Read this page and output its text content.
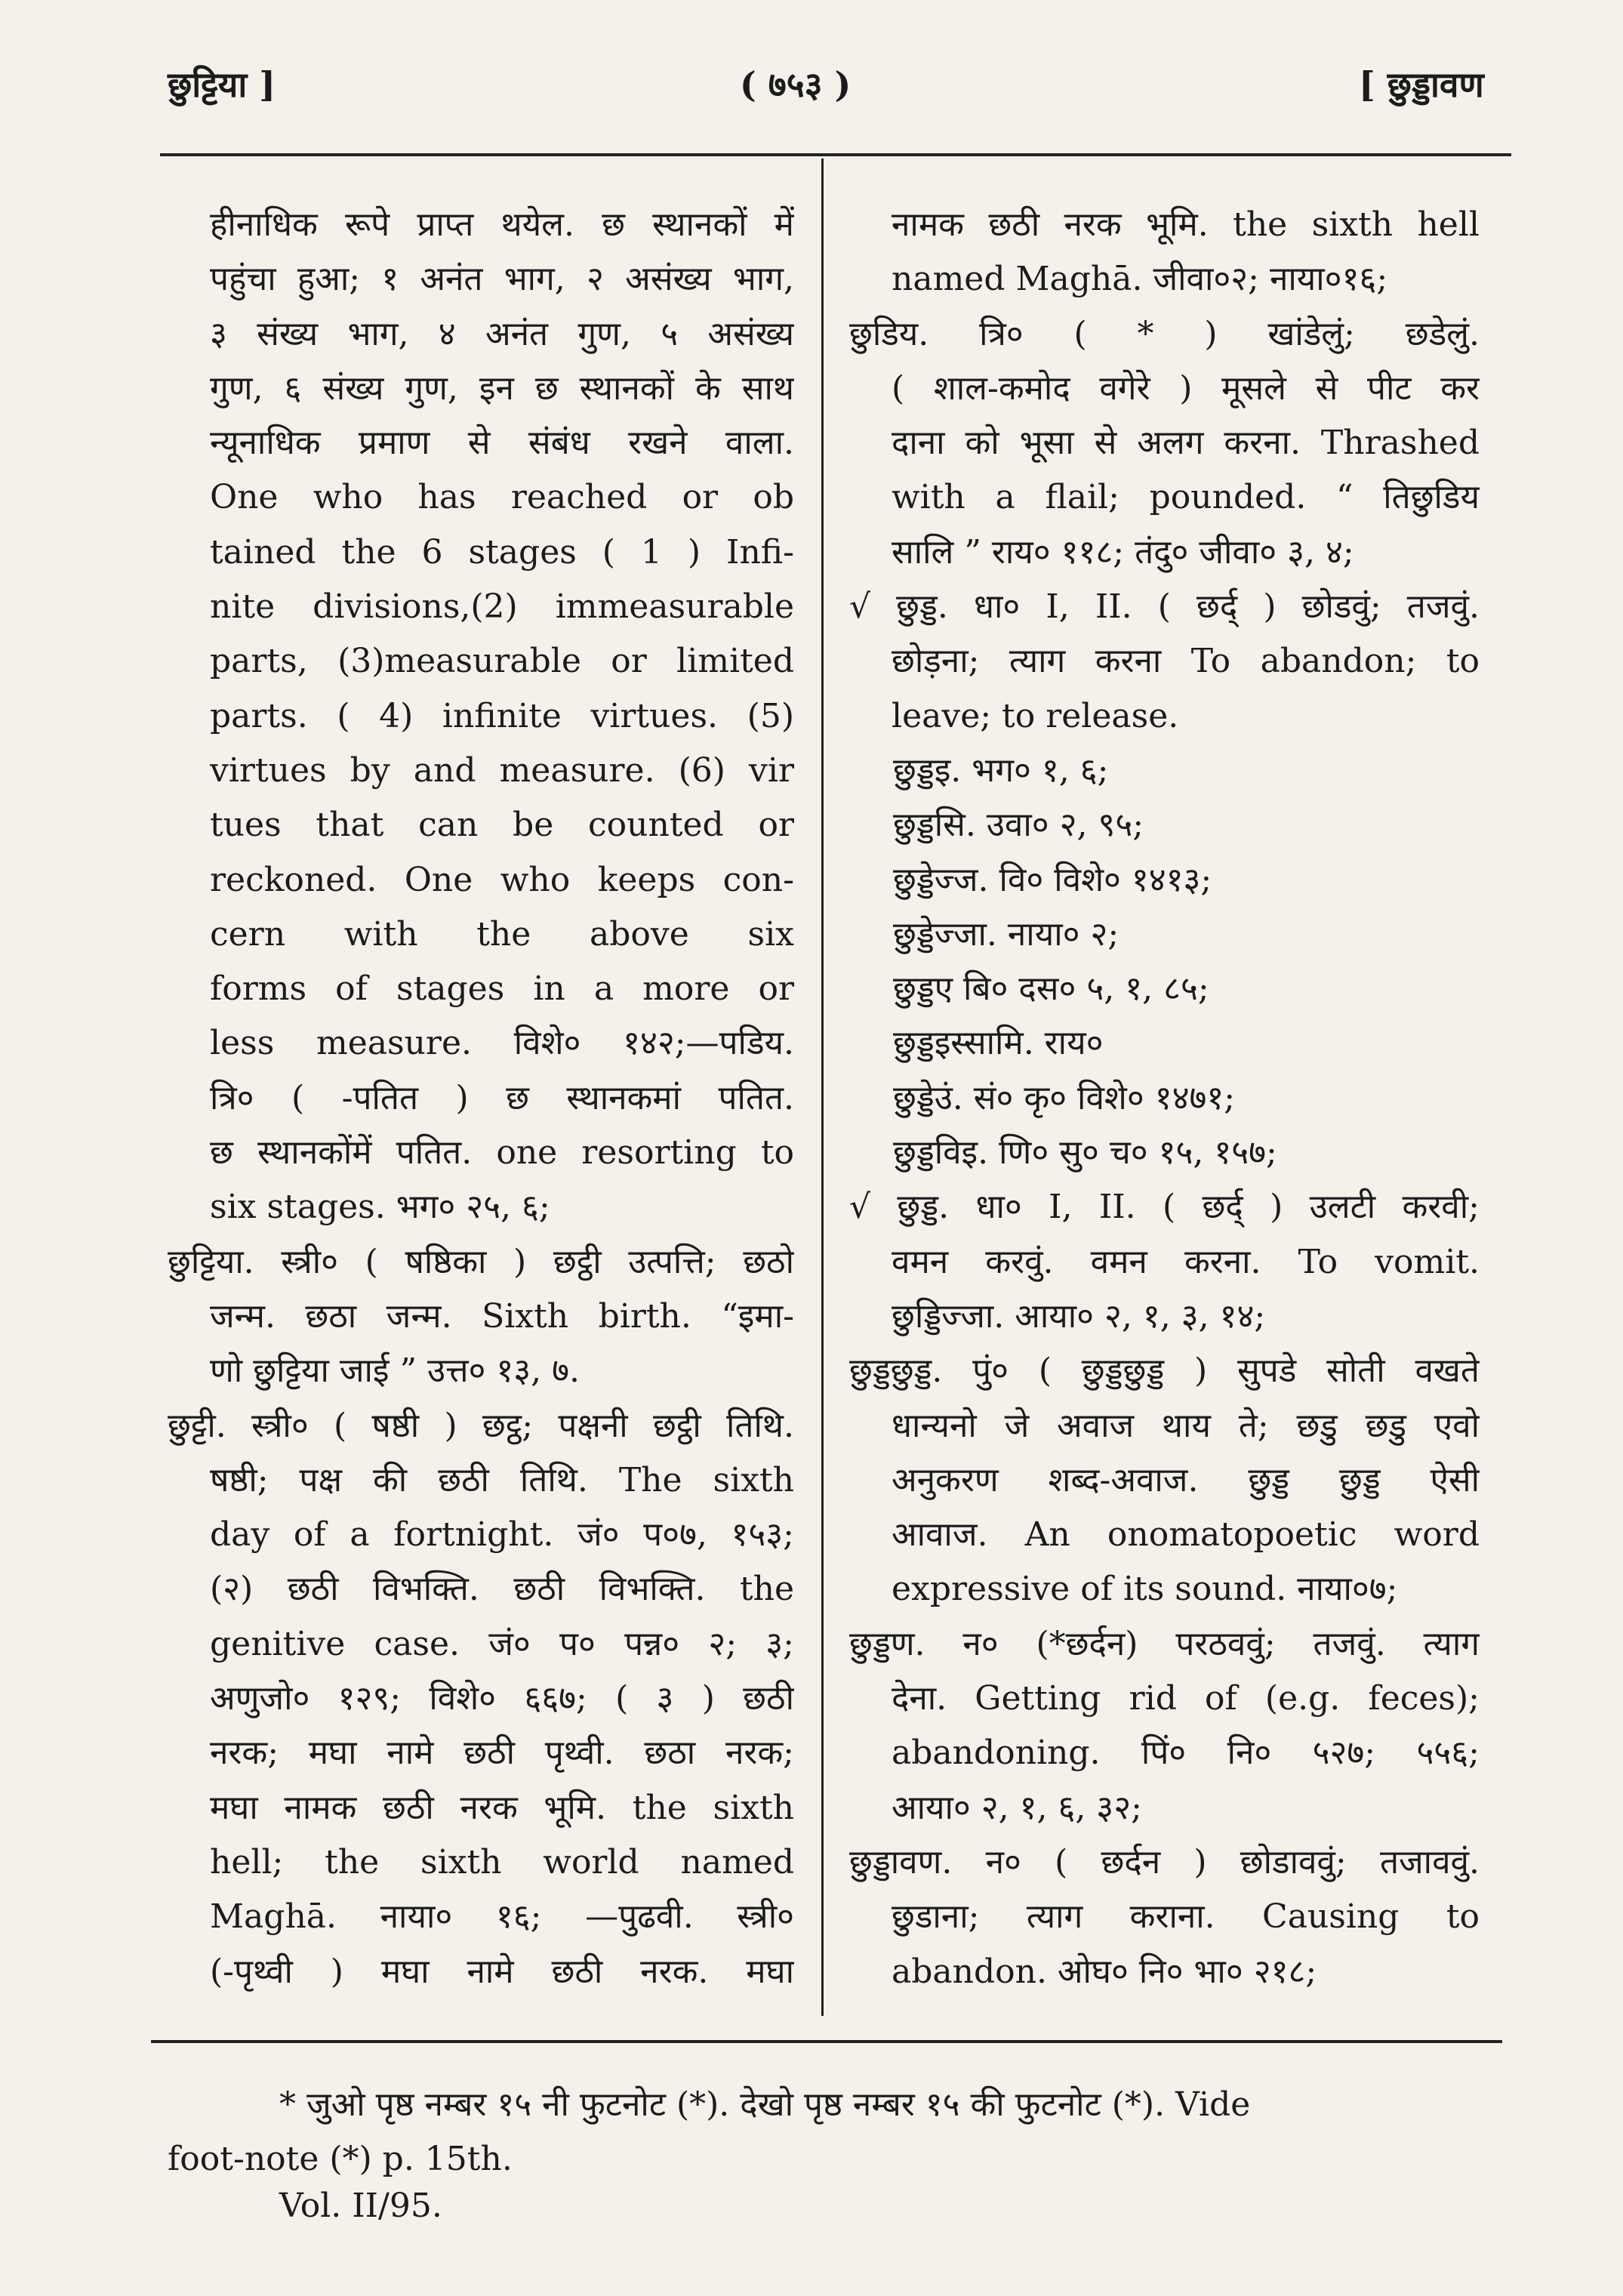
छुट्टिया ]	( ७५३ )	[ छुड्डावण
हीनाधिक रूपे प्राप्त थयेल. छ स्थानकों में
पहुंचा हुआ; १ अनंत भाग, २ असंख्य भाग,
३ संख्य भाग, ४ अनंत गुण, ५ असंख्य
गुण, ६ संख्य गुण, इन छ स्थानकों के साथ
न्यूनाधिक प्रमाण से संबंध रखने वाला.
One who has reached or ob
tained the 6 stages ( 1 ) Infi-
nite divisions,(2) immeasurable
parts, (3)measurable or limited
parts. ( 4) infinite virtues. (5)
virtues by and measure. (6) vir
tues that can be counted or
reckoned. One who keeps con-
cern with the above six
forms of stages in a more or
less measure. विशे० १४२;—पडिय.
त्रि० ( -पतित ) छ स्थानकमां पतित.
छ स्थानकोंमें पतित. one resorting to
six stages. भग० २५, ६;
छुट्टिया. स्त्री० ( षष्ठिका ) छट्ठी उत्पत्ति; छठो
जन्म. छठा जन्म. Sixth birth. “इमा-
णो छुट्टिया जाई ” उत्त० १३, ७.
छुट्टी. स्त्री० ( षष्ठी ) छट्ठ; पक्षनी छट्ठी तिथि.
षष्ठी; पक्ष की छठी तिथि. The sixth
day of a fortnight. जं० प०७, १५३;
(२) छठी विभक्ति. छठी विभक्ति. the
genitive case. जं० प० पन्न० २; ३;
अणुजो० १२९; विशे० ६६७; ( ३ ) छठी
नरक; मघा नामे छठी पृथ्वी. छठा नरक;
मघा नामक छठी नरक भूमि. the sixth
hell; the sixth world named
Maghā. नाया० १६; —पुढवी. स्त्री०
(-पृथ्वी ) मघा नामे छठी नरक. मघा
नामक छठी नरक भूमि. the sixth hell
named Maghā. जीवा०२; नाया०१६;
छुडिय. त्रि० ( * ) खांडेलुं; छडेलुं.
( शाल-कमोद वगेरे ) मूसले से पीट कर
दाना को भूसा से अलग करना. Thrashed
with a flail; pounded. “ तिछुडिय
सालि ” राय० ११८; तंदु० जीवा० ३, ४;
√ छुड्ड. धा० I, II. ( छर्द् ) छोडवुं; तजवुं.
छोड़ना; त्याग करना To abandon; to
leave; to release.
छुड्डइ. भग० १, ६;
छुड्डसि. उवा० २, ९५;
छुड्डेज्ज. वि० विशे० १४१३;
छुड्डेज्जा. नाया० २;
छुड्डए बि० दस० ५, १, ८५;
छुड्डइस्सामि. राय०
छुड्डेउं. सं० कृ० विशे० १४७१;
छुड्डविइ. णि० सु० च० १५, १५७;
√ छुड्ड. धा० I, II. ( छर्द् ) उलटी करवी;
वमन करवुं. वमन करना. To vomit.
छुड्डिज्जा. आया० २, १, ३, १४;
छुड्डछुड्ड. पुं० ( छुड्डछुड्ड ) सुपडे सोती वखते
धान्यनो जे अवाज थाय ते; छडु छडु एवो
अनुकरण शब्द-अवाज. छुड्ड छुड्ड ऐसी
आवाज. An onomatopoetic word
expressive of its sound. नाया०७;
छुड्डण. न० (*छर्दन) परठववुं; तजवुं. त्याग
देना. Getting rid of (e.g. feces);
abandoning. पिं० नि० ५२७; ५५६;
आया० २, १, ६, ३२;
छुड्डावण. न० ( छर्दन ) छोडाववुं; तजाववुं.
छुडाना; त्याग कराना. Causing to
abandon. ओघ० नि० भा० २१८;
* जुओ पृष्ठ नम्बर १५ नी फुटनोट (*). देखो पृष्ठ नम्बर १५ की फुटनोट (*). Vide
foot-note (*) p. 15th.
Vol. II/95.
